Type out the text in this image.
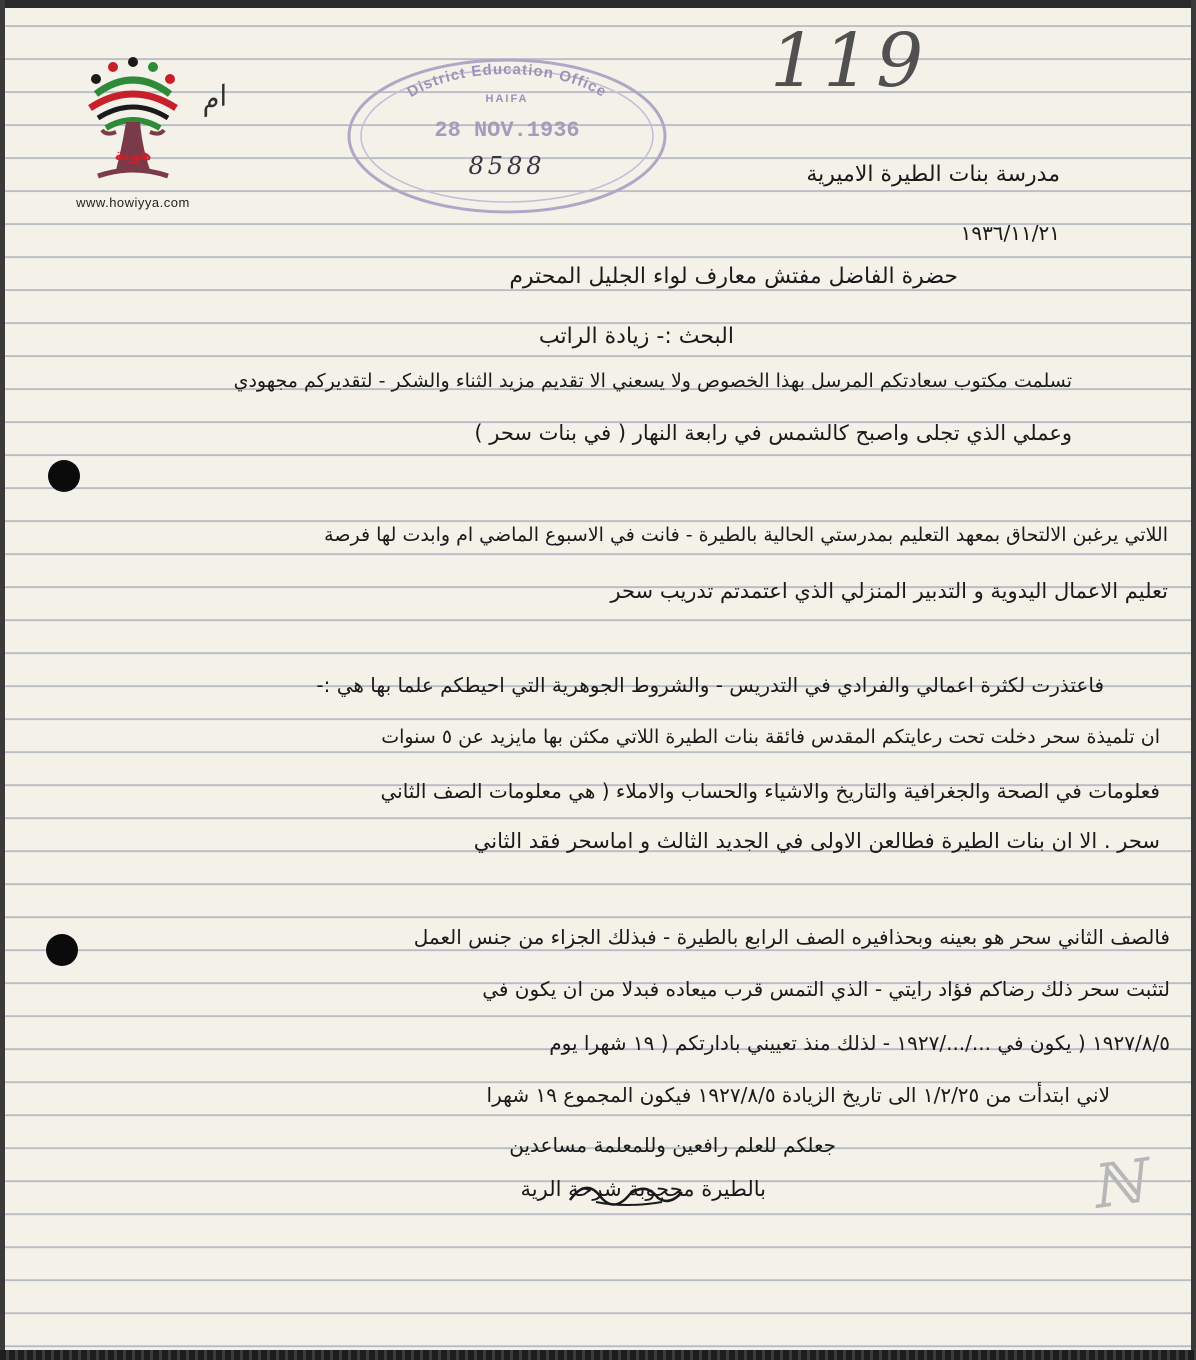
هوية
www.howiyya.com
District Education Office
HAIFA
28 NOV.1936
8588
119
ام
مدرسة بنات الطيرة الاميرية
١٩٣٦/١١/٢١
حضرة الفاضل مفتش معارف لواء الجليل المحترم
البحث :- زيادة الراتب
تسلمت مكتوب سعادتكم المرسل بهذا الخصوص ولا يسعني الا تقديم مزيد الثناء والشكر - لتقديركم مجهودي
وعملي الذي تجلى واصبح كالشمس في رابعة النهار ( في بنات سحر )
اللاتي يرغبن الالتحاق بمعهد التعليم بمدرستي الحالية بالطيرة - فانت في الاسبوع الماضي ام وابدت لها فرصة
تعليم الاعمال اليدوية و التدبير المنزلي الذي اعتمدتم تدريب سحر
فاعتذرت لكثرة اعمالي والفرادي في التدريس - والشروط الجوهرية التي احيطكم علما بها هي :-
ان تلميذة سحر دخلت تحت رعايتكم المقدس فائقة بنات الطيرة اللاتي مكثن بها مايزيد عن ٥ سنوات
فعلومات في الصحة والجغرافية والتاريخ والاشياء والحساب والاملاء ( هي معلومات الصف الثاني
سحر . الا ان بنات الطيرة فطالعن الاولى في الجديد الثالث و اماسحر فقد الثاني
فالصف الثاني سحر هو بعينه وبحذافيره الصف الرابع بالطيرة - فبذلك الجزاء من جنس العمل
لتثبت سحر ذلك رضاكم فؤاد رايتي - الذي التمس قرب ميعاده فبدلا من ان يكون في
١٩٢٧/٨/٥ ( يكون في .../.../١٩٢٧ - لذلك منذ تعييني بادارتكم ( ١٩ شهرا يوم
لاني ابتدأت من ١/٢/٢٥ الى تاريخ الزيادة ١٩٢٧/٨/٥ فيكون المجموع ١٩ شهرا
جعلكم للعلم رافعين وللمعلمة مساعدين
بالطيرة محجوبة شرحة الرية	ℕ
